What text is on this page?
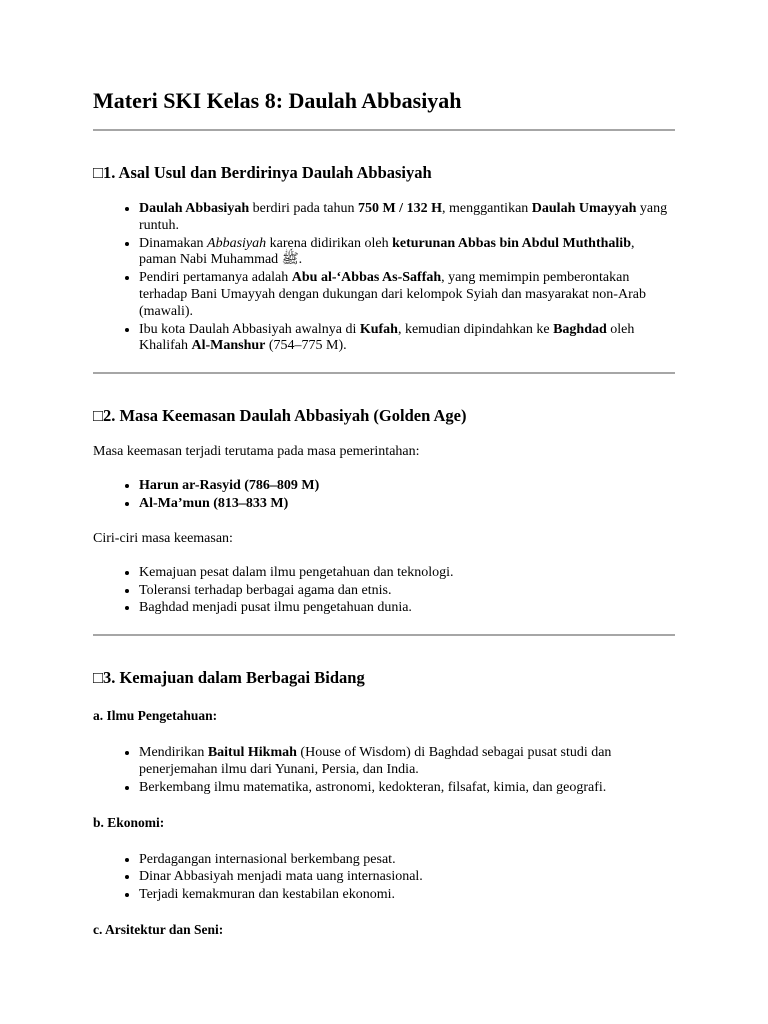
Materi SKI Kelas 8: Daulah Abbasiyah
□1. Asal Usul dan Berdirinya Daulah Abbasiyah
• Daulah Abbasiyah berdiri pada tahun 750 M / 132 H, menggantikan Daulah Umayyah yang runtuh.
• Dinamakan Abbasiyah karena didirikan oleh keturunan Abbas bin Abdul Muththalib, paman Nabi Muhammad ﷺ.
• Pendiri pertamanya adalah Abu al-‘Abbas As-Saffah, yang memimpin pemberontakan terhadap Bani Umayyah dengan dukungan dari kelompok Syiah dan masyarakat non-Arab (mawali).
• Ibu kota Daulah Abbasiyah awalnya di Kufah, kemudian dipindahkan ke Baghdad oleh Khalifah Al-Manshur (754–775 M).
□2. Masa Keemasan Daulah Abbasiyah (Golden Age)

Masa keemasan terjadi terutama pada masa pemerintahan:

• Harun ar-Rasyid (786–809 M)
• Al-Ma’mun (813–833 M)

Ciri-ciri masa keemasan:

• Kemajuan pesat dalam ilmu pengetahuan dan teknologi.
• Toleransi terhadap berbagai agama dan etnis.
• Baghdad menjadi pusat ilmu pengetahuan dunia.
□3. Kemajuan dalam Berbagai Bidang
a. Ilmu Pengetahuan:
• Mendirikan Baitul Hikmah (House of Wisdom) di Baghdad sebagai pusat studi dan penerjemahan ilmu dari Yunani, Persia, dan India.
• Berkembang ilmu matematika, astronomi, kedokteran, filsafat, kimia, dan geografi.
b. Ekonomi:
• Perdagangan internasional berkembang pesat.
• Dinar Abbasiyah menjadi mata uang internasional.
• Terjadi kemakmuran dan kestabilan ekonomi.
c. Arsitektur dan Seni:
